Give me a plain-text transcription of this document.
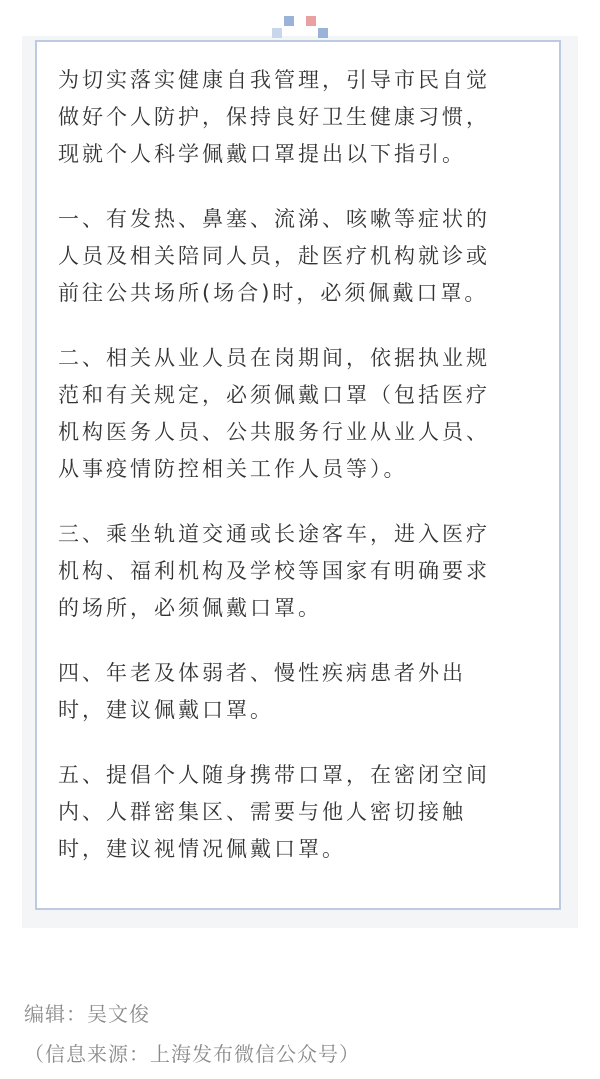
为切实落实健康自我管理，引导市民自觉
做好个人防护，保持良好卫生健康习惯，
现就个人科学佩戴口罩提出以下指引。

一、有发热、鼻塞、流涕、咳嗽等症状的
人员及相关陪同人员，赴医疗机构就诊或
前往公共场所(场合)时，必须佩戴口罩。

二、相关从业人员在岗期间，依据执业规
范和有关规定，必须佩戴口罩（包括医疗
机构医务人员、公共服务行业从业人员、
从事疫情防控相关工作人员等）。

三、乘坐轨道交通或长途客车，进入医疗
机构、福利机构及学校等国家有明确要求
的场所，必须佩戴口罩。

四、年老及体弱者、慢性疾病患者外出
时，建议佩戴口罩。

五、提倡个人随身携带口罩，在密闭空间
内、人群密集区、需要与他人密切接触
时，建议视情况佩戴口罩。

编辑：吴文俊
（信息来源：上海发布微信公众号）
